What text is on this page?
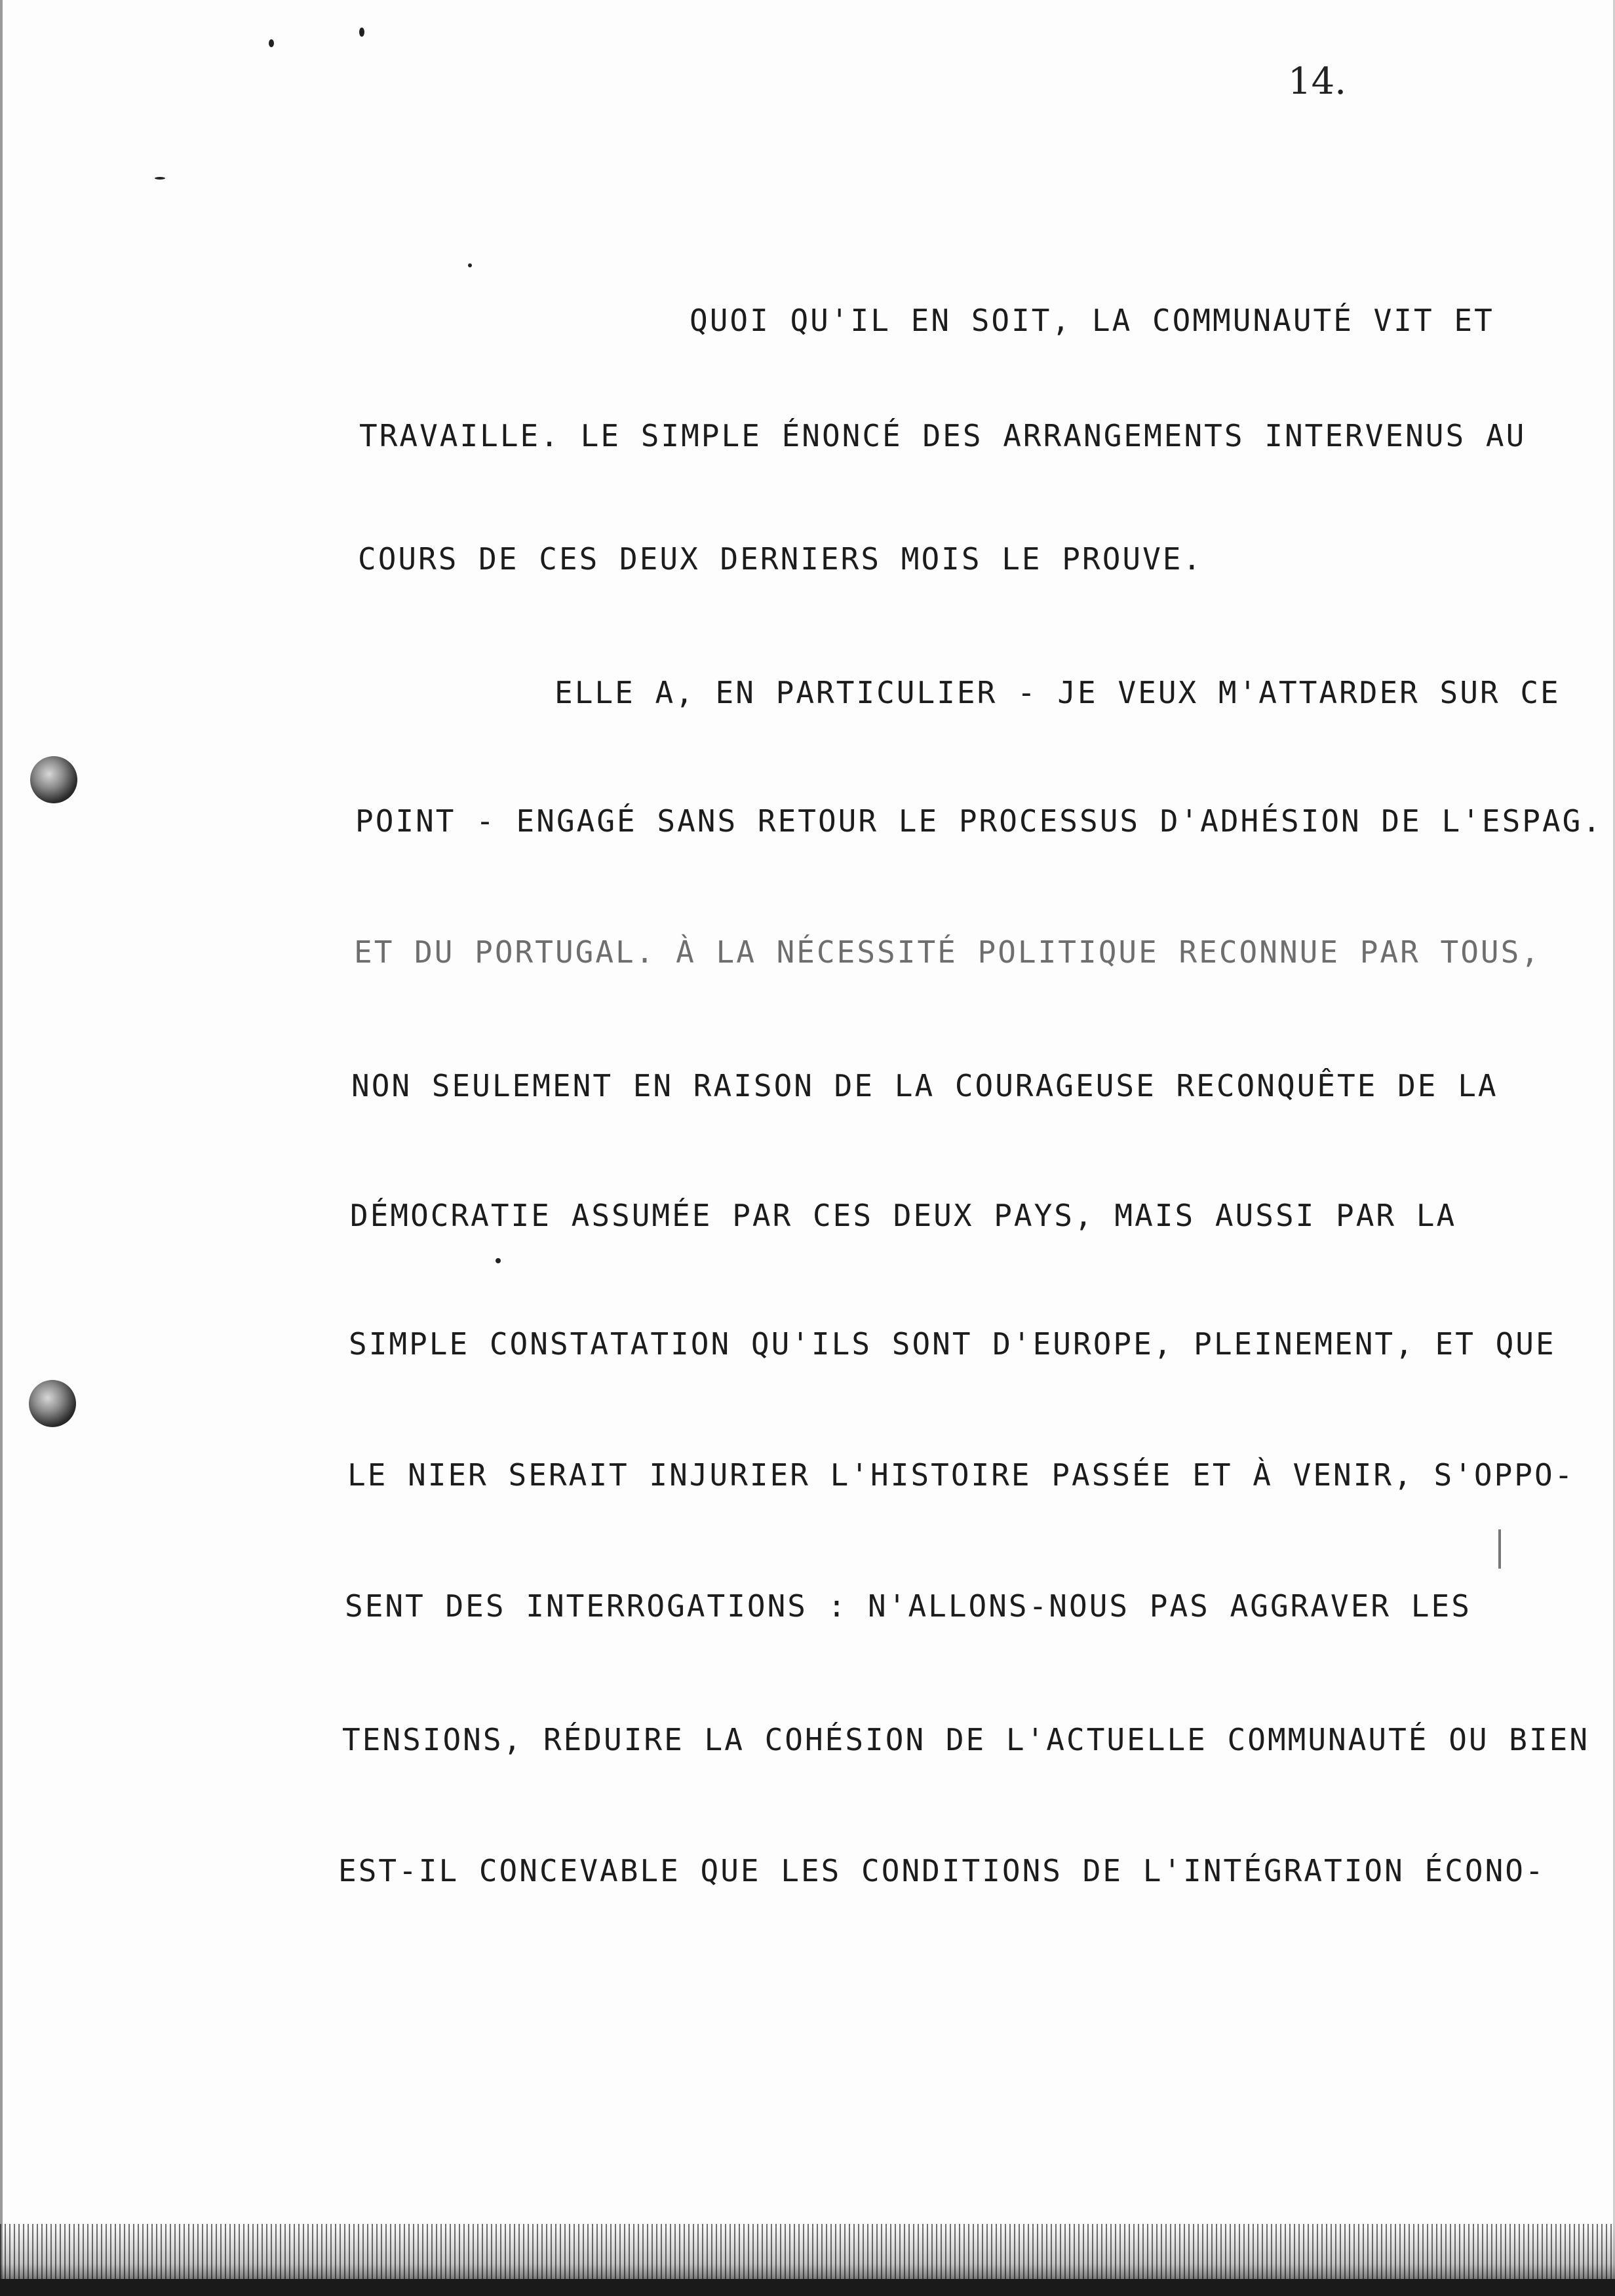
14.
QUOI QU'IL EN SOIT, LA COMMUNAUTÉ VIT ET
TRAVAILLE. LE SIMPLE ÉNONCÉ DES ARRANGEMENTS INTERVENUS AU
COURS DE CES DEUX DERNIERS MOIS LE PROUVE.
ELLE A, EN PARTICULIER - JE VEUX M'ATTARDER SUR CE
POINT - ENGAGÉ SANS RETOUR LE PROCESSUS D'ADHÉSION DE L'ESPAG.
ET DU PORTUGAL. À LA NÉCESSITÉ POLITIQUE RECONNUE PAR TOUS,
NON SEULEMENT EN RAISON DE LA COURAGEUSE RECONQUÊTE DE LA
DÉMOCRATIE ASSUMÉE PAR CES DEUX PAYS, MAIS AUSSI PAR LA
SIMPLE CONSTATATION QU'ILS SONT D'EUROPE, PLEINEMENT, ET QUE
LE NIER SERAIT INJURIER L'HISTOIRE PASSÉE ET À VENIR, S'OPPO-
SENT DES INTERROGATIONS : N'ALLONS-NOUS PAS AGGRAVER LES
TENSIONS, RÉDUIRE LA COHÉSION DE L'ACTUELLE COMMUNAUTÉ OU BIEN
EST-IL CONCEVABLE QUE LES CONDITIONS DE L'INTÉGRATION ÉCONO-
